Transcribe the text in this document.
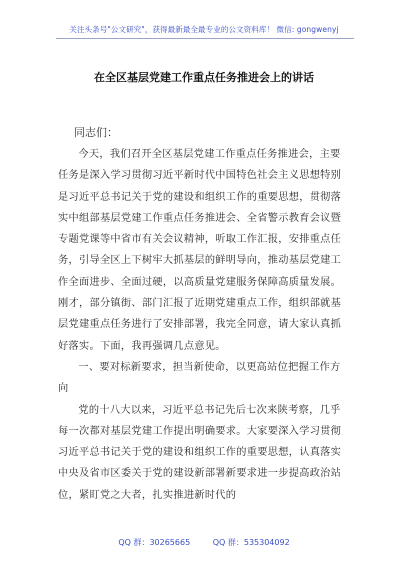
关注头条号"公文研究"，获得最新最全最专业的公文资料库！ 微信: gongwenyj
在全区基层党建工作重点任务推进会上的讲话
同志们：

今天，我们召开全区基层党建工作重点任务推进会，主要任务是深入学习贯彻习近平新时代中国特色社会主义思想特别是习近平总书记关于党的建设和组织工作的重要思想，贯彻落实中组部基层党建工作重点任务推进会、全省警示教育会议暨专题党课等中省市有关会议精神，听取工作汇报，安排重点任务，引导全区上下树牢大抓基层的鲜明导向，推动基层党建工作全面进步、全面过硬，以高质量党建服务保障高质量发展。刚才，部分镇街、部门汇报了近期党建重点工作，组织部就基层党建重点任务进行了安排部署，我完全同意，请大家认真抓好落实。下面，我再强调几点意见。

一、要对标新要求，担当新使命，以更高站位把握工作方向

党的十八大以来，习近平总书记先后七次来陕考察，几乎每一次都对基层党建工作提出明确要求。大家要深入学习贯彻习近平总书记关于党的建设和组织工作的重要思想，认真落实中央及省市区委关于党的建设新部署新要求进一步提高政治站位，紧盯党之大者，扎实推进新时代的

QQ 群：30265665	QQ 群：535304092
